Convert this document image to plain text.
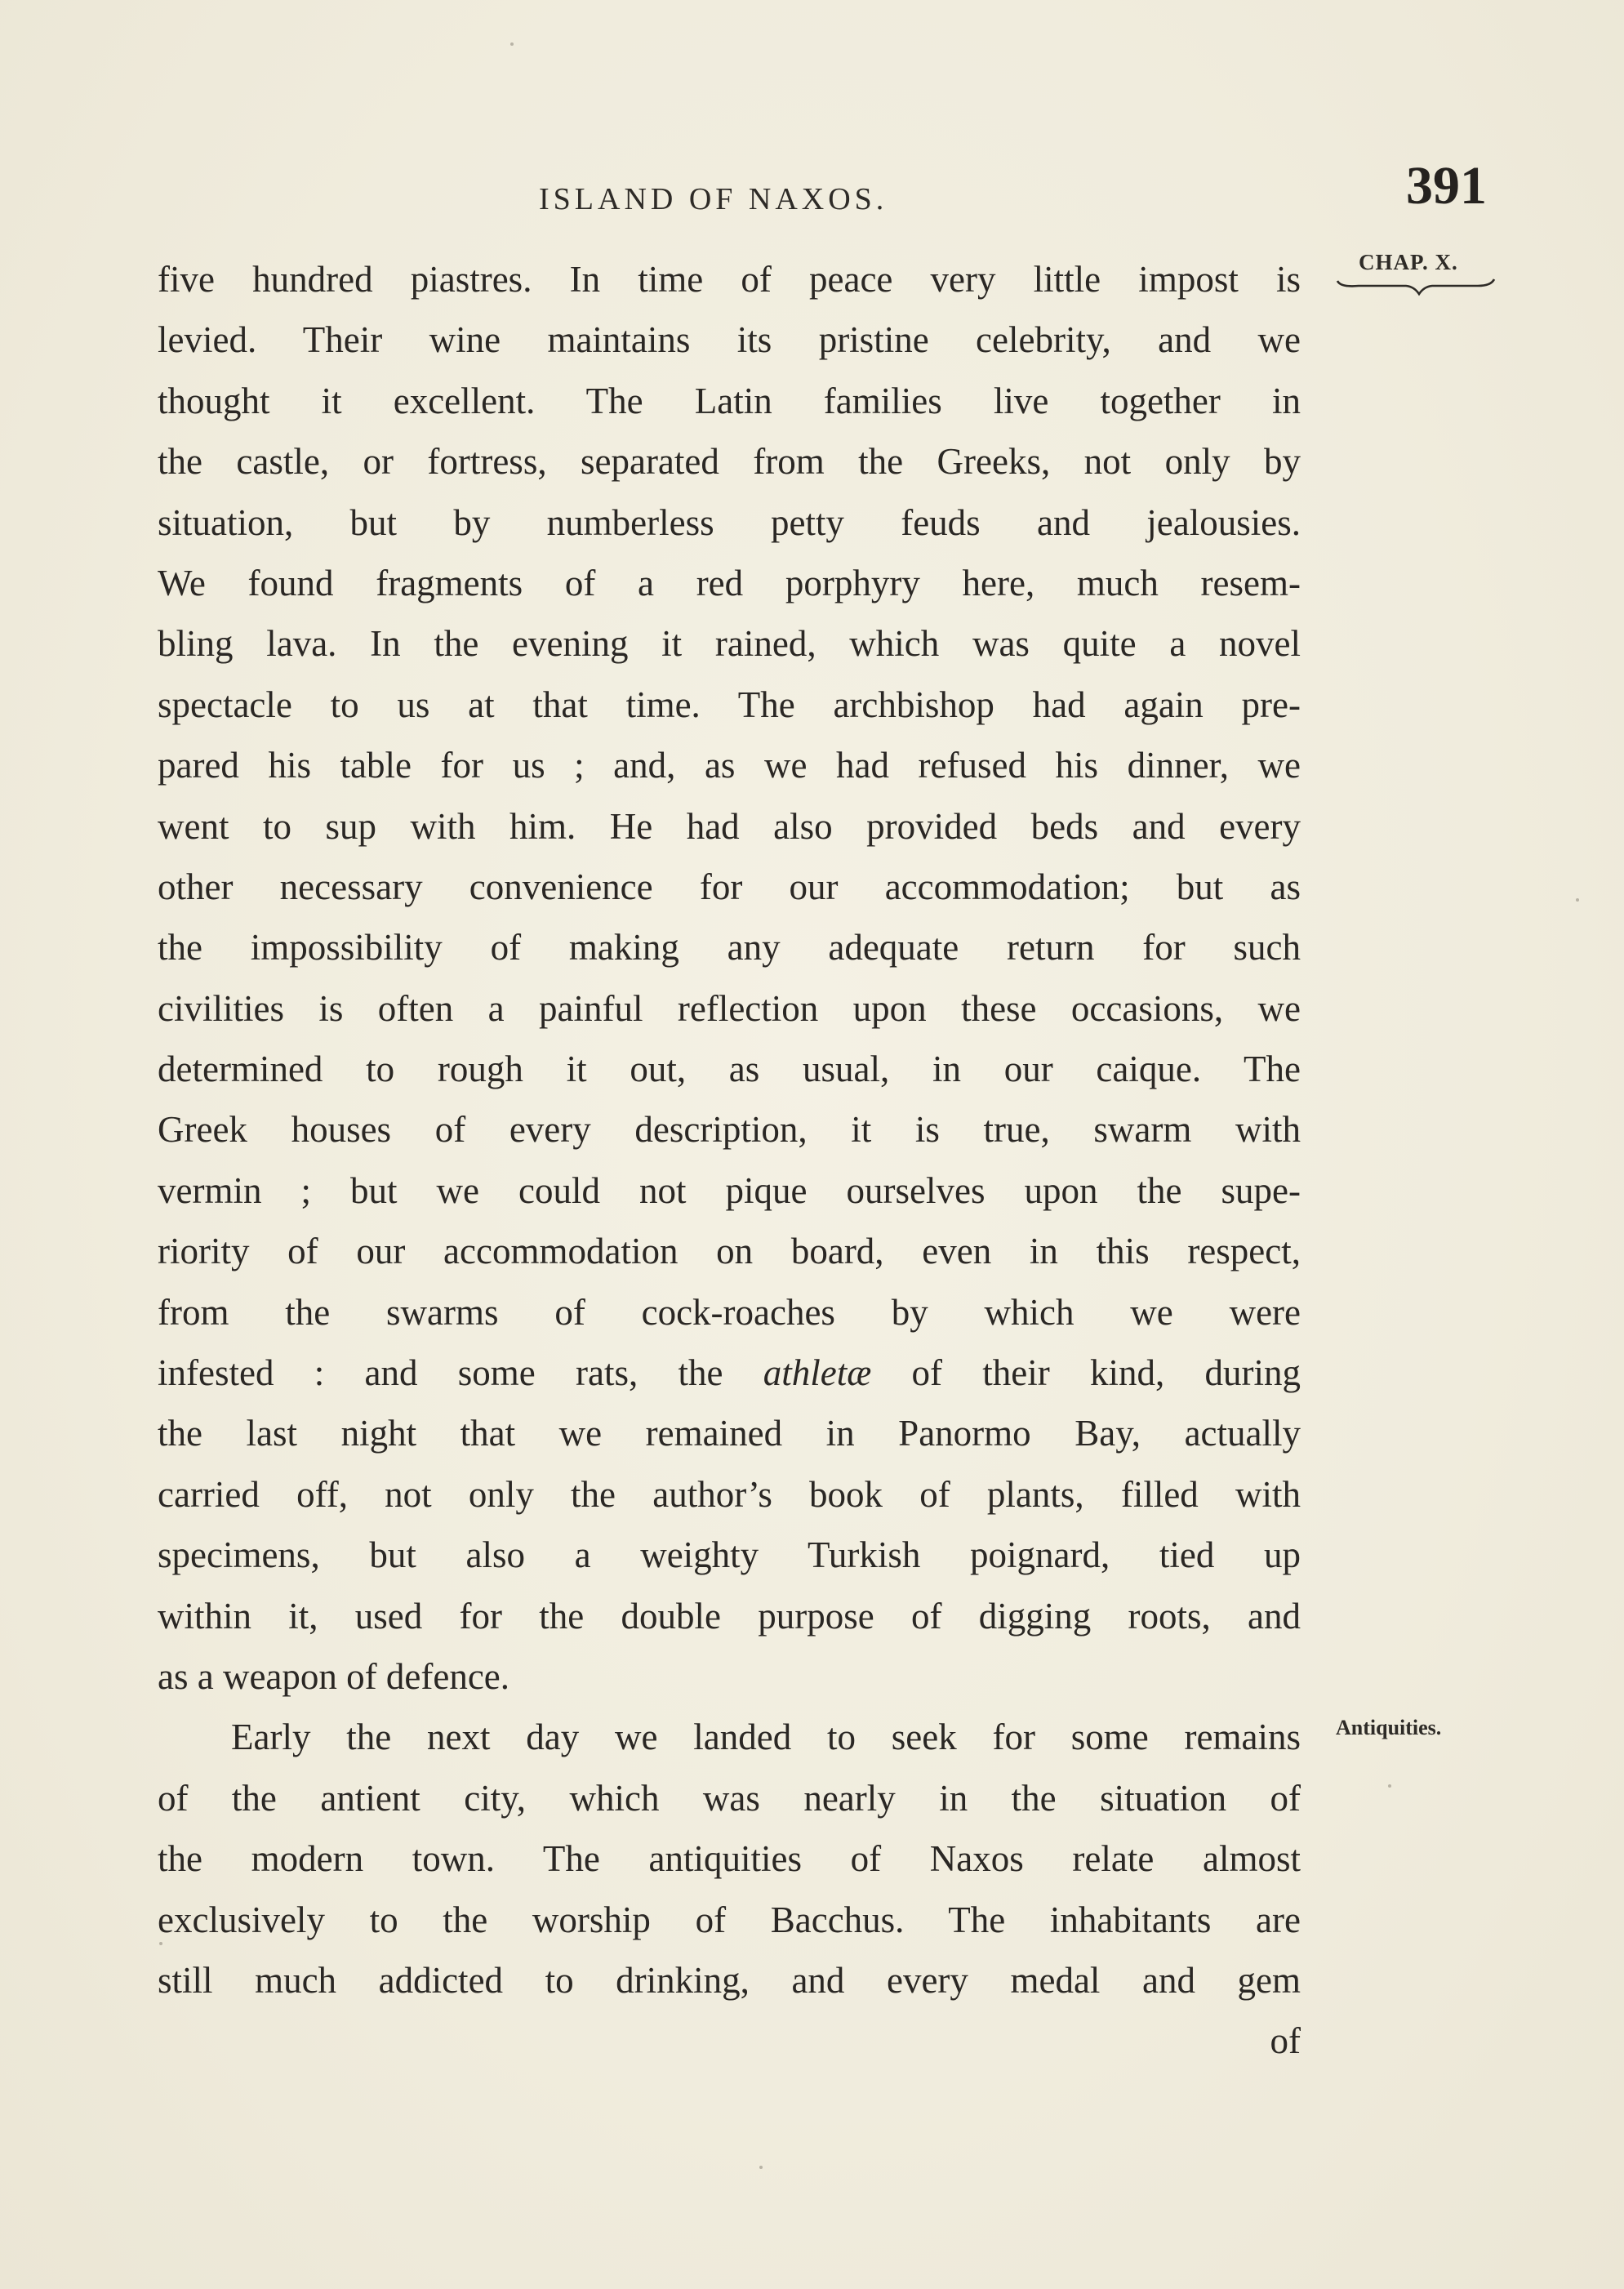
ISLAND OF NAXOS.	391
CHAP. X.
five hundred piastres. In time of peace very little impost is
levied. Their wine maintains its pristine celebrity, and we
thought it excellent. The Latin families live together in
the castle, or fortress, separated from the Greeks, not only by
situation, but by numberless petty feuds and jealousies.
We found fragments of a red porphyry here, much resem-
bling lava. In the evening it rained, which was quite a novel
spectacle to us at that time. The archbishop had again pre-
pared his table for us ; and, as we had refused his dinner, we
went to sup with him. He had also provided beds and every
other necessary convenience for our accommodation; but as
the impossibility of making any adequate return for such
civilities is often a painful reflection upon these occasions, we
determined to rough it out, as usual, in our caique. The
Greek houses of every description, it is true, swarm with
vermin ; but we could not pique ourselves upon the supe-
riority of our accommodation on board, even in this respect,
from the swarms of cock-roaches by which we were
infested : and some rats, the athletæ of their kind, during
the last night that we remained in Panormo Bay, actually
carried off, not only the author’s book of plants, filled with
specimens, but also a weighty Turkish poignard, tied up
within it, used for the double purpose of digging roots, and
as a weapon of defence.
Early the next day we landed to seek for some remains
of the antient city, which was nearly in the situation of
the modern town. The antiquities of Naxos relate almost
exclusively to the worship of Bacchus. The inhabitants are
still much addicted to drinking, and every medal and gem
of
Antiquities.
